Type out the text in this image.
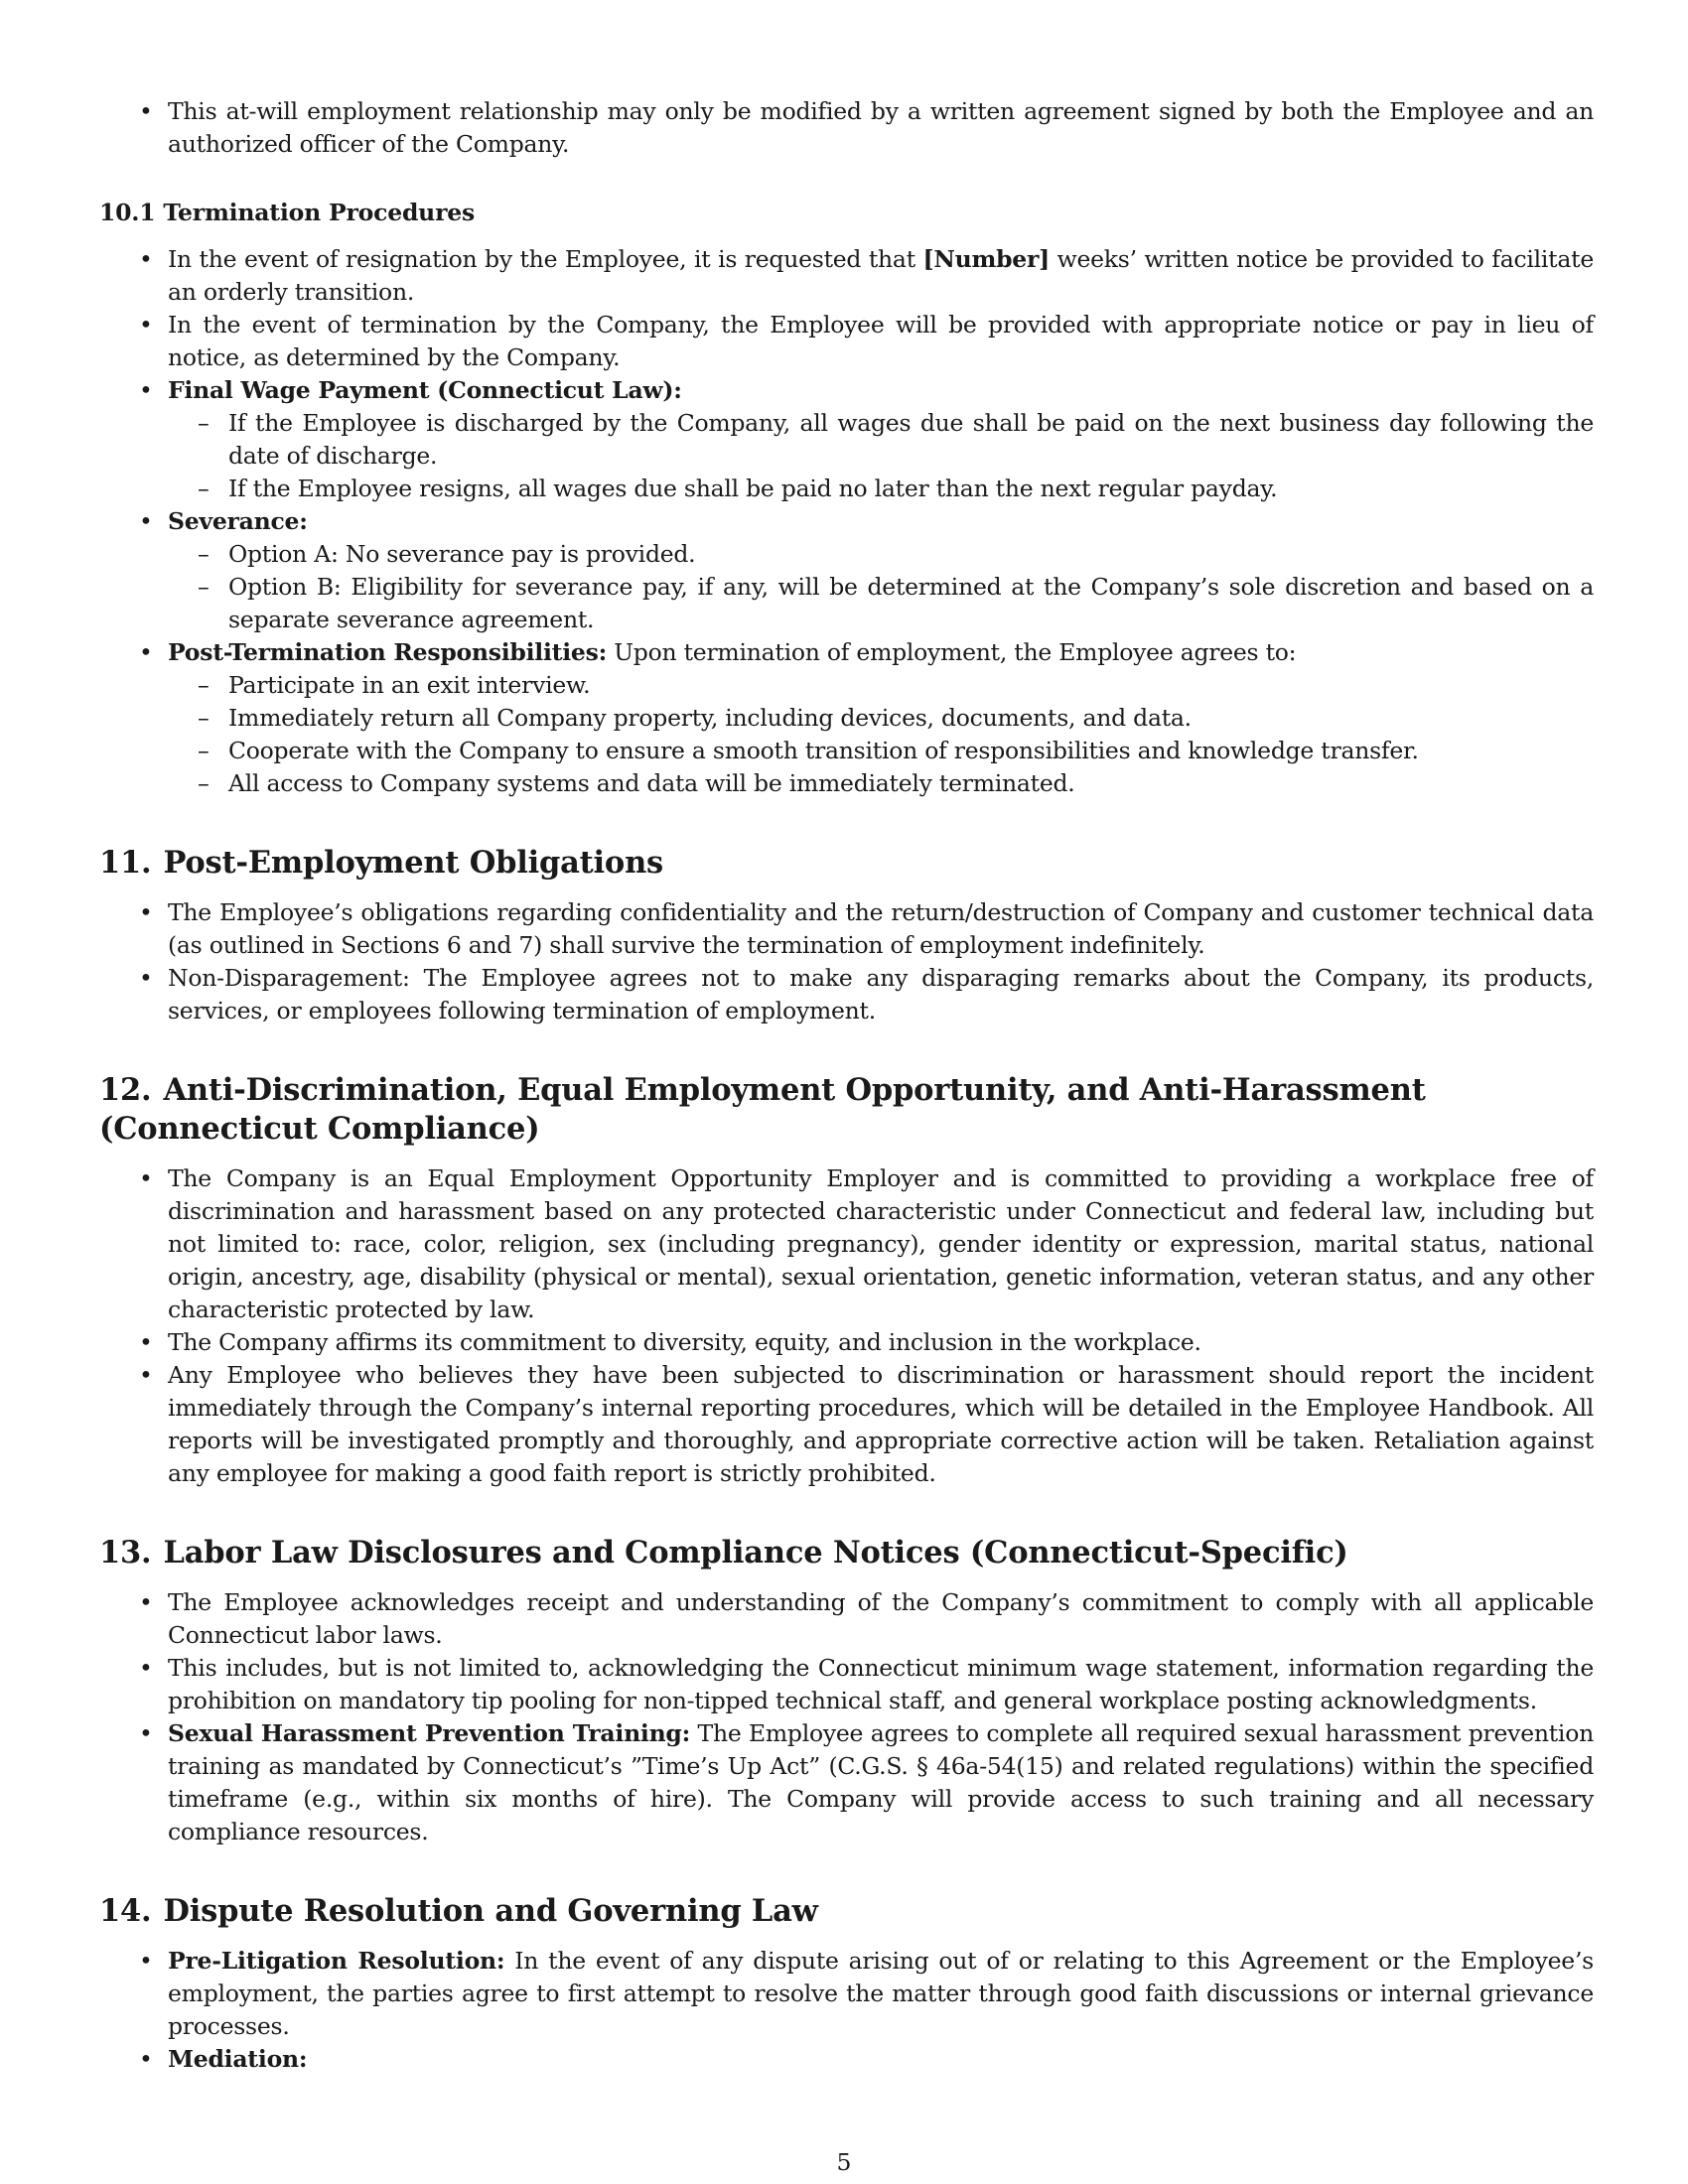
• This at-will employment relationship may only be modified by a written agreement signed by both the Employee and an authorized officer of the Company.
10.1 Termination Procedures
• In the event of resignation by the Employee, it is requested that [Number] weeks’ written notice be provided to facilitate an orderly transition.
• In the event of termination by the Company, the Employee will be provided with appropriate notice or pay in lieu of notice, as determined by the Company.
• Final Wage Payment (Connecticut Law):
– If the Employee is discharged by the Company, all wages due shall be paid on the next business day following the date of discharge.
– If the Employee resigns, all wages due shall be paid no later than the next regular payday.
• Severance:
– Option A: No severance pay is provided.
– Option B: Eligibility for severance pay, if any, will be determined at the Company’s sole discretion and based on a separate severance agreement.
• Post-Termination Responsibilities: Upon termination of employment, the Employee agrees to:
– Participate in an exit interview.
– Immediately return all Company property, including devices, documents, and data.
– Cooperate with the Company to ensure a smooth transition of responsibilities and knowledge transfer.
– All access to Company systems and data will be immediately terminated.
11. Post-Employment Obligations
• The Employee’s obligations regarding confidentiality and the return/destruction of Company and customer technical data (as outlined in Sections 6 and 7) shall survive the termination of employment indefinitely.
• Non-Disparagement: The Employee agrees not to make any disparaging remarks about the Company, its products, services, or employees following termination of employment.
12. Anti-Discrimination, Equal Employment Opportunity, and Anti-Harassment (Connecticut Compliance)
• The Company is an Equal Employment Opportunity Employer and is committed to providing a workplace free of discrimination and harassment based on any protected characteristic under Connecticut and federal law, including but not limited to: race, color, religion, sex (including pregnancy), gender identity or expression, marital status, national origin, ancestry, age, disability (physical or mental), sexual orientation, genetic information, veteran status, and any other characteristic protected by law.
• The Company affirms its commitment to diversity, equity, and inclusion in the workplace.
• Any Employee who believes they have been subjected to discrimination or harassment should report the incident immediately through the Company’s internal reporting procedures, which will be detailed in the Employee Handbook. All reports will be investigated promptly and thoroughly, and appropriate corrective action will be taken. Retaliation against any employee for making a good faith report is strictly prohibited.
13. Labor Law Disclosures and Compliance Notices (Connecticut-Specific)
• The Employee acknowledges receipt and understanding of the Company’s commitment to comply with all applicable Connecticut labor laws.
• This includes, but is not limited to, acknowledging the Connecticut minimum wage statement, information regarding the prohibition on mandatory tip pooling for non-tipped technical staff, and general workplace posting acknowledgments.
• Sexual Harassment Prevention Training: The Employee agrees to complete all required sexual harassment prevention training as mandated by Connecticut’s ”Time’s Up Act” (C.G.S. § 46a-54(15) and related regulations) within the specified timeframe (e.g., within six months of hire). The Company will provide access to such training and all necessary compliance resources.
14. Dispute Resolution and Governing Law
• Pre-Litigation Resolution: In the event of any dispute arising out of or relating to this Agreement or the Employee’s employment, the parties agree to first attempt to resolve the matter through good faith discussions or internal grievance processes.
• Mediation:
5
